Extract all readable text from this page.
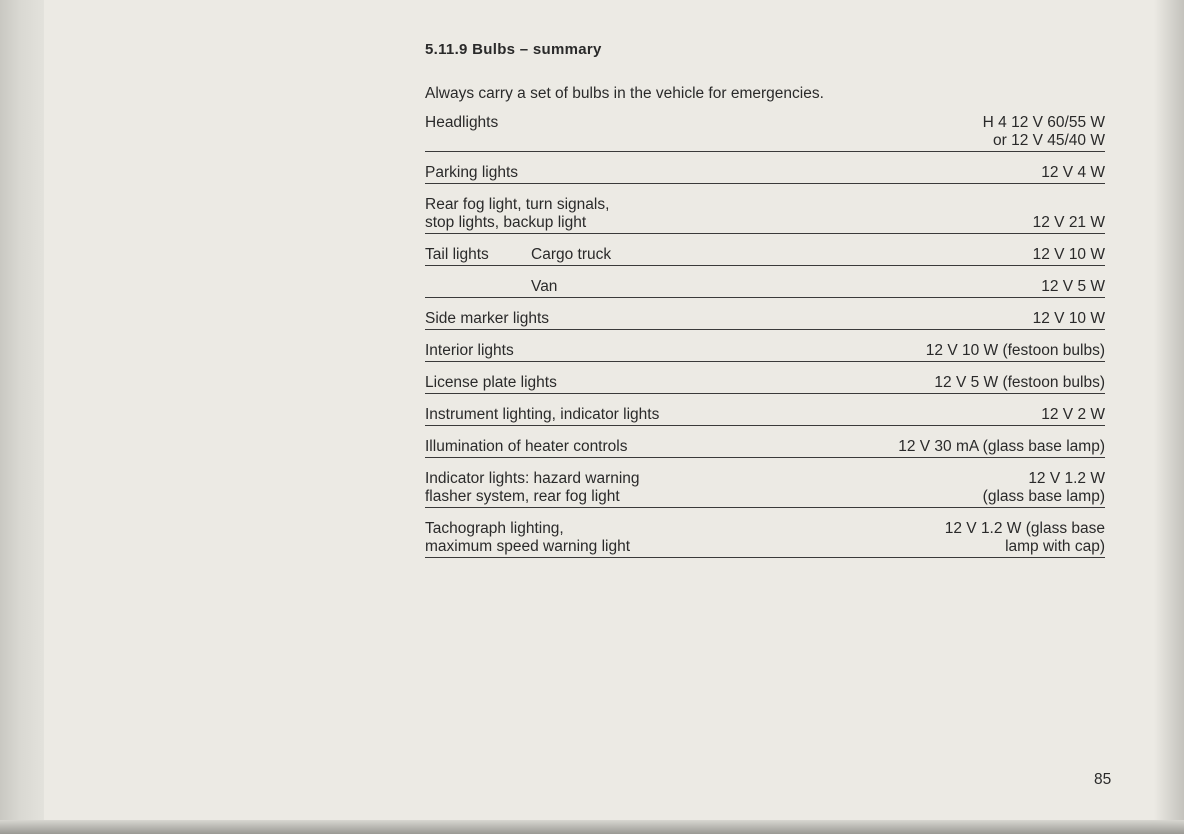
5.11.9 Bulbs – summary

Always carry a set of bulbs in the vehicle for emergencies.

Headlights	H 4 12 V 60/55 W
or 12 V 45/40 W
Parking lights	12 V 4 W
Rear fog light, turn signals,
stop lights, backup light	12 V 21 W
Tail lights	Cargo truck	12 V 10 W
Van	12 V 5 W
Side marker lights	12 V 10 W
Interior lights	12 V 10 W (festoon bulbs)
License plate lights	12 V 5 W (festoon bulbs)
Instrument lighting, indicator lights	12 V 2 W
Illumination of heater controls	12 V 30 mA (glass base lamp)
Indicator lights: hazard warning
flasher system, rear fog light
12 V 1.2 W
(glass base lamp)
Tachograph lighting,
maximum speed warning light
12 V 1.2 W (glass base
lamp with cap)
85
